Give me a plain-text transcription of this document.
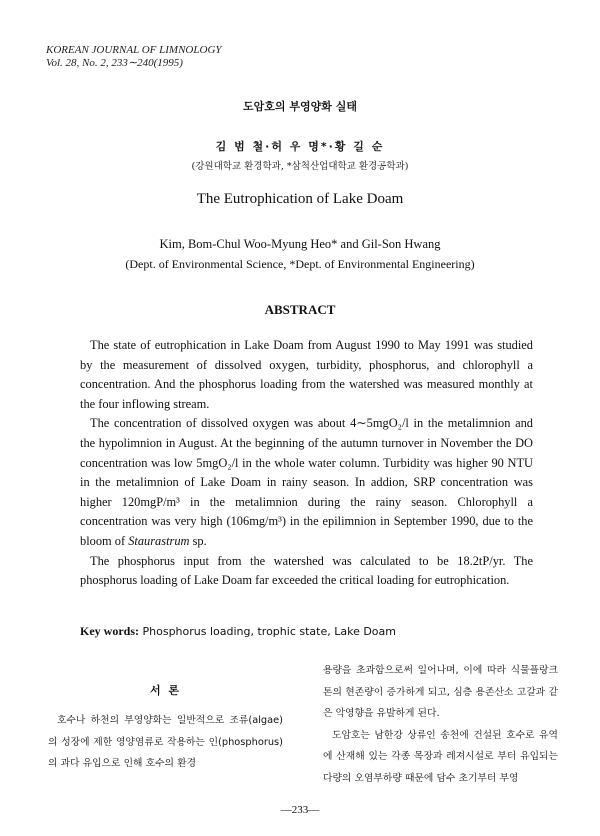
KOREAN JOURNAL OF LIMNOLOGY
Vol. 28, No. 2, 233∼240(1995)
도암호의 부영양화 실태
김 범 철·허 우 명*·황 길 순
(강원대학교 환경학과, *삼척산업대학교 환경공학과)
The Eutrophication of Lake Doam
Kim, Bom-Chul Woo-Myung Heo* and Gil-Son Hwang
(Dept. of Environmental Science, *Dept. of Environmental Engineering)
ABSTRACT

The state of eutrophication in Lake Doam from August 1990 to May 1991 was studied by the measurement of dissolved oxygen, turbidity, phosphorus, and chlorophyll a concentration. And the phosphorus loading from the watershed was measured monthly at the four inflowing stream.

The concentration of dissolved oxygen was about 4∼5mgO₂/l in the metalimnion and the hypolimnion in August. At the beginning of the autumn turnover in November the DO concentration was low 5mgO₂/l in the whole water column. Turbidity was higher 90 NTU in the metalimnion of Lake Doam in rainy season. In addion, SRP concentration was higher 120mgP/m³ in the metalimnion during the rainy season. Chlorophyll a concentration was very high (106mg/m³) in the epilimnion in September 1990, due to the bloom of Staurastrum sp.

The phosphorus input from the watershed was calculated to be 18.2tP/yr. The phosphorus loading of Lake Doam far exceeded the critical loading for eutrophication.

Key words: Phosphorus loading, trophic state, Lake Doam
서 론

호수나 하천의 부영양화는 일반적으로 조류(algae)의 성장에 제한 영양염류로 작용하는 인(phosphorus)의 과다 유입으로 인해 호수의 환경

용량을 초과함으로써 일어나며, 이에 따라 식물플랑크톤의 현존량이 증가하게 되고, 심층 용존산소 고갈과 같은 악영향을 유발하게 된다.

도암호는 남한강 상류인 송천에 건설된 호수로 유역에 산재해 있는 각종 목장과 레져시설로 부터 유입되는 다량의 오염부하량 때문에 담수 초기부터 부영

—233—
